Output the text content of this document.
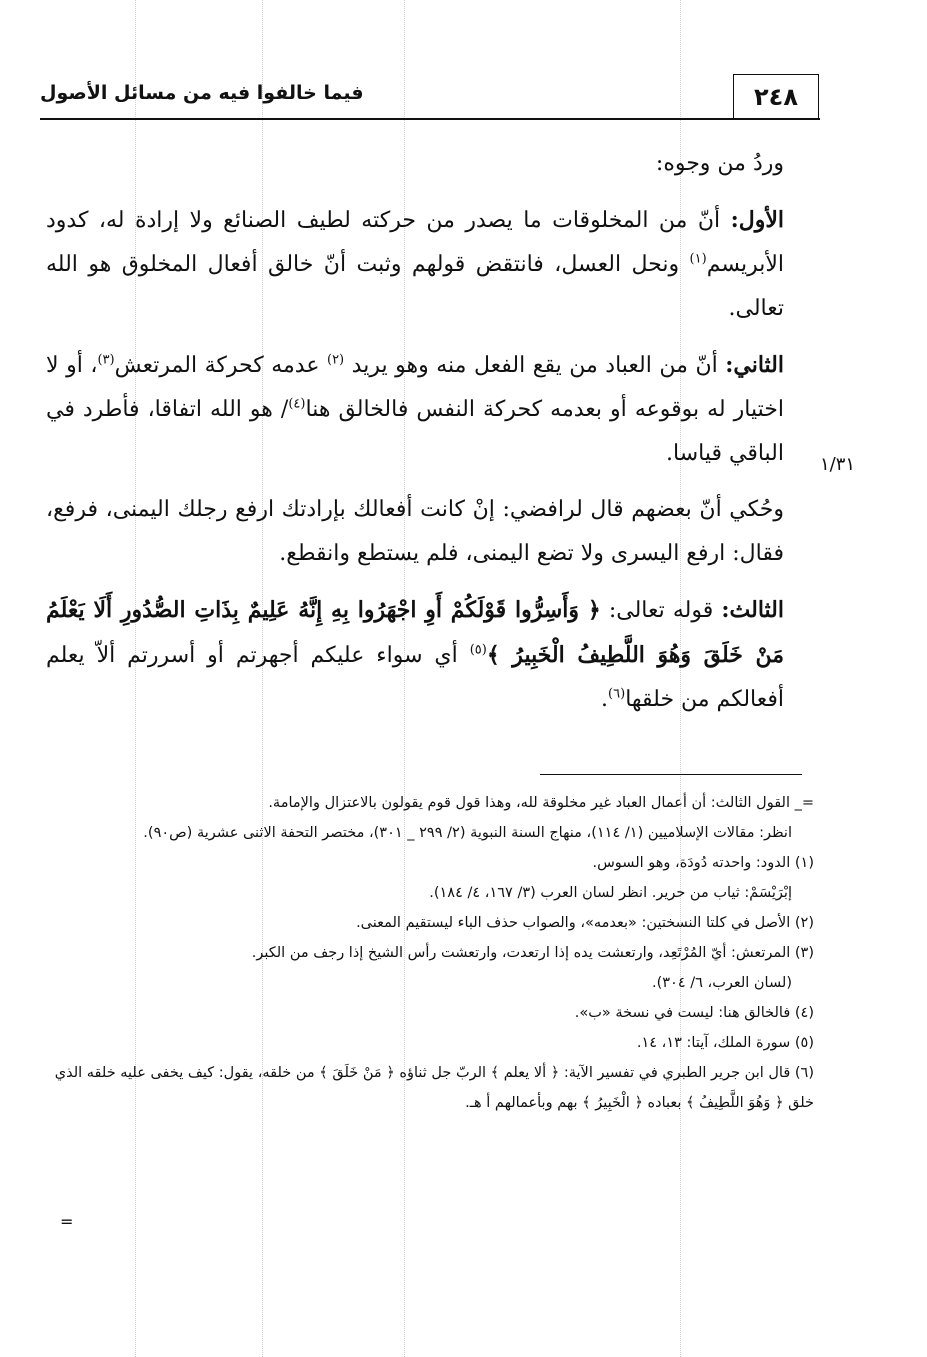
٢٤٨
فيما خالفوا فيه من مسائل الأصول
١/٣١

وردُ من وجوه:

الأول: أنّ من المخلوقات ما يصدر من حركته لطيف الصنائع ولا إرادة له، كدود الأبريسم$^{(١)}$ ونحل العسل، فانتقض قولهم وثبت أنّ خالق أفعال المخلوق هو الله تعالى.

الثاني: أنّ من العباد من يقع الفعل منه وهو يريد $^{(٢)}$ عدمه كحركة المرتعش$^{(٣)}$، أو لا اختيار له بوقوعه أو بعدمه كحركة النفس فالخالق هنا$^{(٤)}$/ هو الله اتفاقا، فأطرد في الباقي قياسا.

وحُكي أنّ بعضهم قال لرافضي: إنْ كانت أفعالك بإرادتك ارفع رجلك اليمنى، فرفع، فقال: ارفع اليسرى ولا تضع اليمنى، فلم يستطع وانقطع.

الثالث: قوله تعالى: ﴿ وَأَسِرُّوا قَوْلَكُمْ أَوِ اجْهَرُوا بِهِ إِنَّهُ عَلِيمٌ بِذَاتِ الصُّدُورِ أَلَا يَعْلَمُ مَنْ خَلَقَ وَهُوَ اللَّطِيفُ الْخَبِيرُ ﴾$^{(٥)}$ أي سواء عليكم أجهرتم أو أسررتم ألاّ يعلم أفعالكم من خلقها$^{(٦)}$.

=_ القول الثالث: أن أعمال العباد غير مخلوقة لله، وهذا قول قوم يقولون بالاعتزال والإمامة.

انظر: مقالات الإسلاميين (١/ ١١٤)، منهاج السنة النبوية (٢/ ٢٩٩ _ ٣٠١)، مختصر التحفة الاثنى عشرية (ص٩٠).

(١) الدود: واحدته دُودَة، وهو السوس.

إبْرَيْسَمْ: ثياب من حرير. انظر لسان العرب (٣/ ١٦٧، ٤/ ١٨٤).

(٢) الأصل في كلتا النسختين: «بعدمه»، والصواب حذف الباء ليستقيم المعنى.

(٣) المرتعش: أيّ المُرْتَعِد، وارتعشت يده إذا ارتعدت، وارتعشت رأس الشيخ إذا رجف من الكبر.

(لسان العرب، ٦/ ٣٠٤).

(٤) فالخالق هنا: ليست في نسخة «ب».

(٥) سورة الملك، آيتا: ١٣، ١٤.

(٦) قال ابن جرير الطبري في تفسير الآية: ﴿ ألا يعلم ﴾ الربّ جل ثناؤه ﴿ مَنْ خَلَقَ ﴾ من خلقه، يقول: كيف يخفى عليه خلقه الذي خلق ﴿ وَهُوَ اللَّطِيفُ ﴾ بعباده ﴿ الْخَبِيرُ ﴾ بهم وبأعمالهم أ هـ.

=
